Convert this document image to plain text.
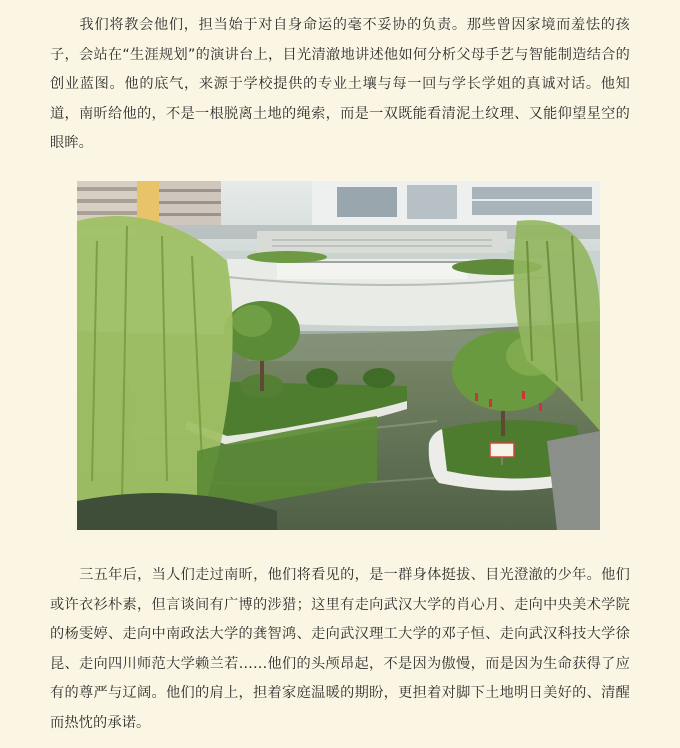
我们将教会他们，担当始于对自身命运的毫不妥协的负责。那些曾因家境而羞怯的孩子，会站在“生涯规划”的演讲台上，目光清澈地讲述他如何分析父母手艺与智能制造结合的创业蓝图。他的底气，来源于学校提供的专业土壤与每一回与学长学姐的真诚对话。他知道，南昕给他的，不是一根脱离土地的绳索，而是一双既能看清泥土纹理、又能仰望星空的眼眸。

三五年后，当人们走过南昕，他们将看见的，是一群身体挺拔、目光澄澈的少年。他们或许衣衫朴素，但言谈间有广博的涉猎；这里有走向武汉大学的肖心月、走向中央美术学院的杨雯婷、走向中南政法大学的龚智鸿、走向武汉理工大学的邓子恒、走向武汉科技大学徐昆、走向四川师范大学赖兰若……他们的头颅昂起，不是因为傲慢，而是因为生命获得了应有的尊严与辽阔。他们的肩上，担着家庭温暖的期盼，更担着对脚下土地明日美好的、清醒而热忱的承诺。
